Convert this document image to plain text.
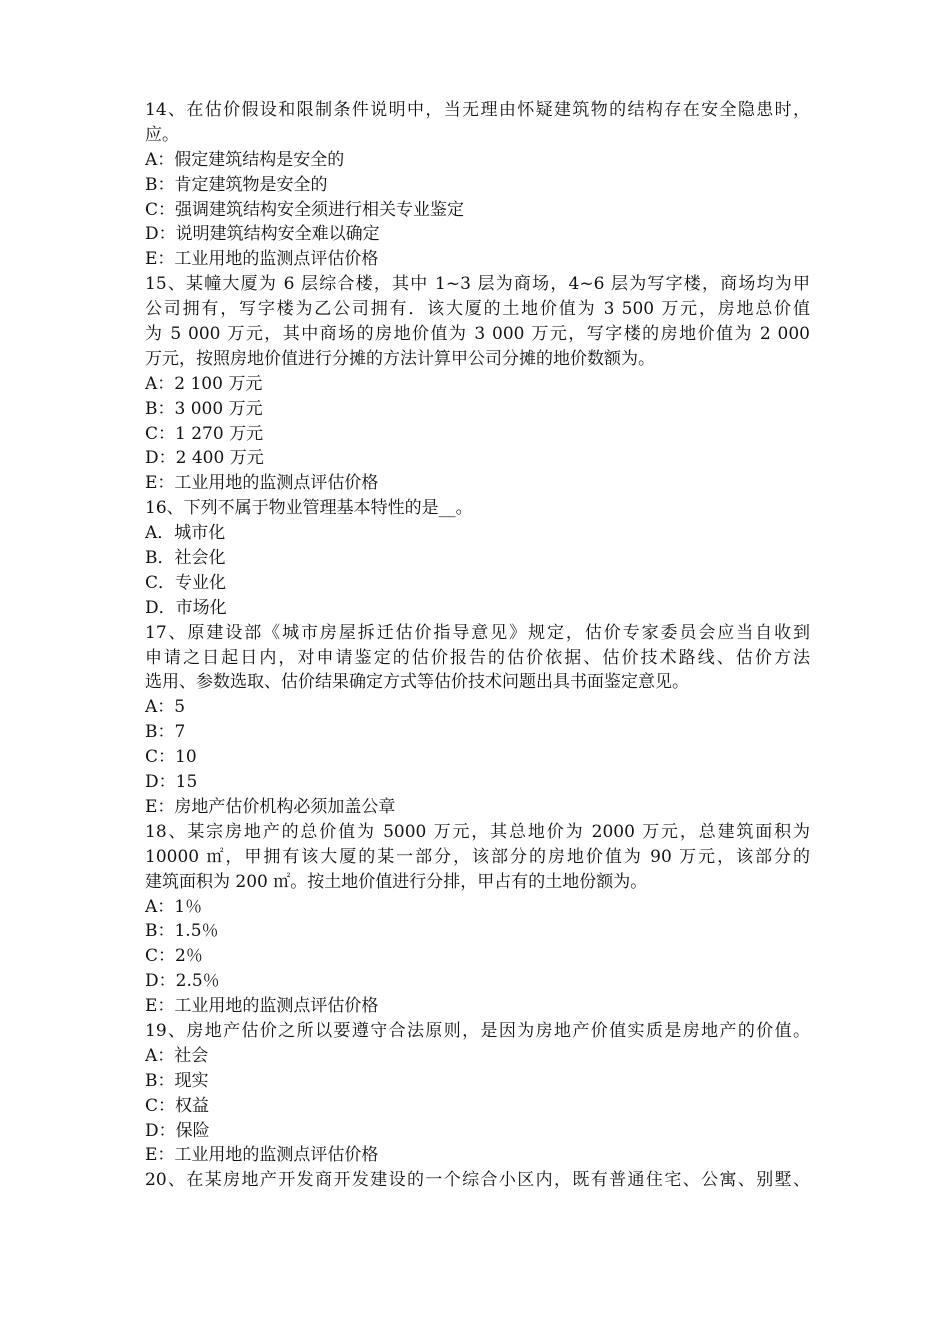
14、在估价假设和限制条件说明中，当无理由怀疑建筑物的结构存在安全隐患时，
应。
A：假定建筑结构是安全的
B：肯定建筑物是安全的
C：强调建筑结构安全须进行相关专业鉴定
D：说明建筑结构安全难以确定
E：工业用地的监测点评估价格
15、某幢大厦为 6 层综合楼，其中 1~3 层为商场，4~6 层为写字楼，商场均为甲
公司拥有，写字楼为乙公司拥有．该大厦的土地价值为 3 500 万元，房地总价值
为 5 000 万元，其中商场的房地价值为 3 000 万元，写字楼的房地价值为 2 000
万元，按照房地价值进行分摊的方法计算甲公司分摊的地价数额为。
A：2 100 万元
B：3 000 万元
C：1 270 万元
D：2 400 万元
E：工业用地的监测点评估价格
16、下列不属于物业管理基本特性的是__。
A．城市化
B．社会化
C．专业化
D．市场化
17、原建设部《城市房屋拆迁估价指导意见》规定，估价专家委员会应当自收到
申请之日起日内，对申请鉴定的估价报告的估价依据、估价技术路线、估价方法
选用、参数选取、估价结果确定方式等估价技术问题出具书面鉴定意见。
A：5
B：7
C：10
D：15
E：房地产估价机构必须加盖公章
18、某宗房地产的总价值为 5000 万元，其总地价为 2000 万元，总建筑面积为
10000 ㎡，甲拥有该大厦的某一部分，该部分的房地价值为 90 万元，该部分的
建筑面积为 200 ㎡。按土地价值进行分排，甲占有的土地份额为。
A：1％
B：1.5％
C：2％
D：2.5％
E：工业用地的监测点评估价格
19、房地产估价之所以要遵守合法原则，是因为房地产价值实质是房地产的价值。
A：社会
B：现实
C：权益
D：保险
E：工业用地的监测点评估价格
20、在某房地产开发商开发建设的一个综合小区内，既有普通住宅、公寓、别墅、
